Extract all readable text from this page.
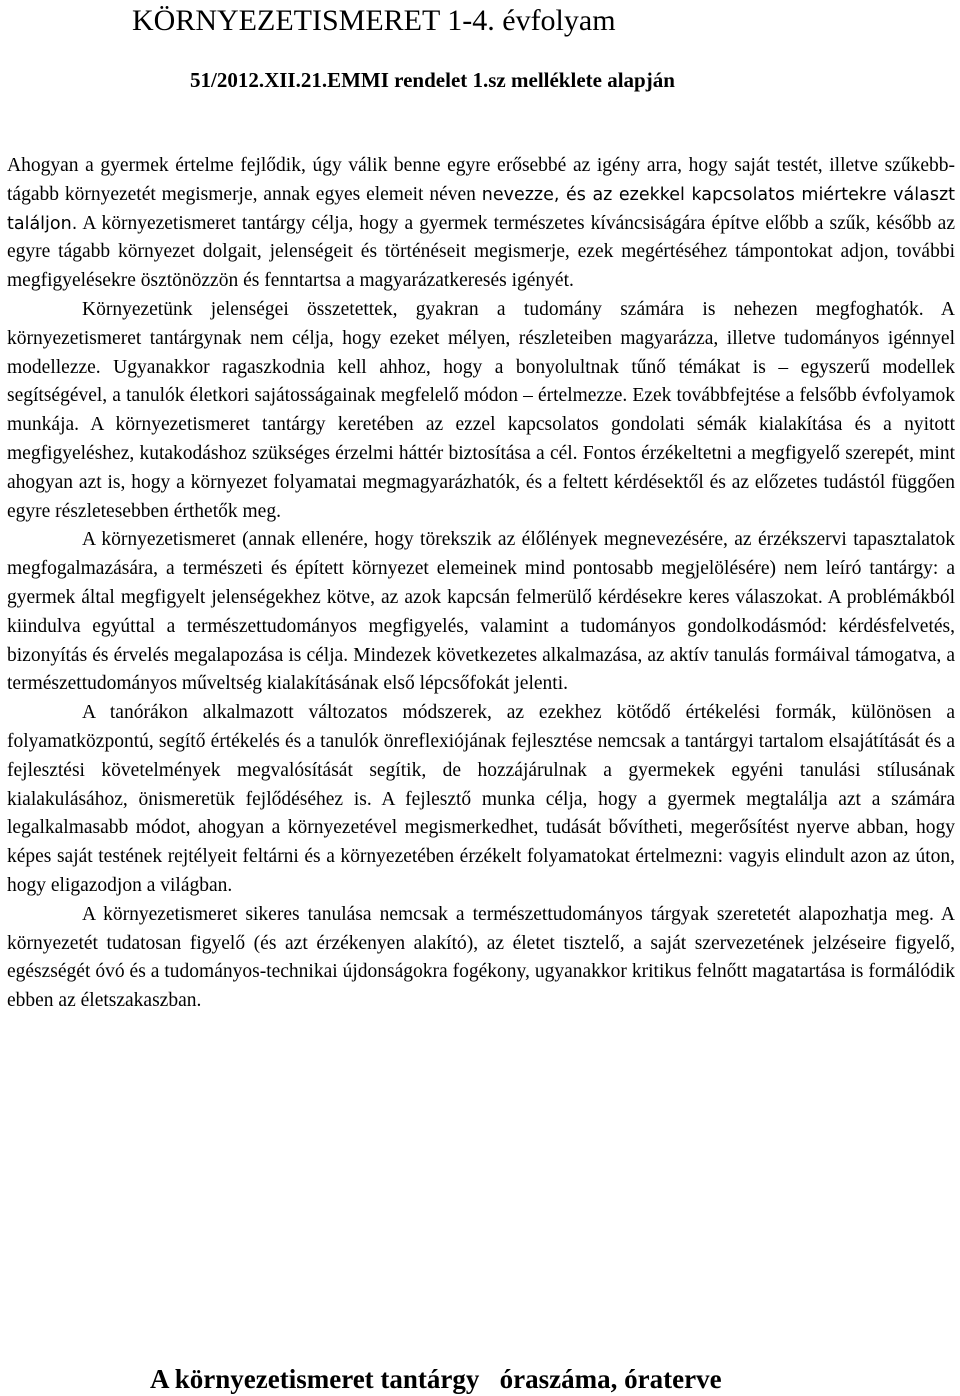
KÖRNYEZETISMERET 1-4. évfolyam
51/2012.XII.21.EMMI rendelet 1.sz melléklete alapján

Ahogyan a gyermek értelme fejlődik, úgy válik benne egyre erősebbé az igény arra, hogy saját testét, illetve szűkebb-tágabb környezetét megismerje, annak egyes elemeit néven nevezze, és az ezekkel kapcsolatos miértekre választ találjon. A környezetismeret tantárgy célja, hogy a gyermek természetes kíváncsiságára építve előbb a szűk, később az egyre tágabb környezet dolgait, jelenségeit és történéseit megismerje, ezek megértéséhez támpontokat adjon, további megfigyelésekre ösztönözzön és fenntartsa a magyarázatkeresés igényét.

Környezetünk jelenségei összetettek, gyakran a tudomány számára is nehezen megfoghatók. A környezetismeret tantárgynak nem célja, hogy ezeket mélyen, részleteiben magyarázza, illetve tudományos igénnyel modellezze. Ugyanakkor ragaszkodnia kell ahhoz, hogy a bonyolultnak tűnő témákat is – egyszerű modellek segítségével, a tanulók életkori sajátosságainak megfelelő módon – értelmezze. Ezek továbbfejtése a felsőbb évfolyamok munkája. A környezetismeret tantárgy keretében az ezzel kapcsolatos gondolati sémák kialakítása és a nyitott megfigyeléshez, kutakodáshoz szükséges érzelmi háttér biztosítása a cél. Fontos érzékeltetni a megfigyelő szerepét, mint ahogyan azt is, hogy a környezet folyamatai megmagyarázhatók, és a feltett kérdésektől és az előzetes tudástól függően egyre részletesebben érthetők meg.

A környezetismeret (annak ellenére, hogy törekszik az élőlények megnevezésére, az érzékszervi tapasztalatok megfogalmazására, a természeti és épített környezet elemeinek mind pontosabb megjelölésére) nem leíró tantárgy: a gyermek által megfigyelt jelenségekhez kötve, az azok kapcsán felmerülő kérdésekre keres válaszokat. A problémákból kiindulva egyúttal a természettudományos megfigyelés, valamint a tudományos gondolkodásmód: kérdésfelvetés, bizonyítás és érvelés megalapozása is célja. Mindezek következetes alkalmazása, az aktív tanulás formáival támogatva, a természettudományos műveltség kialakításának első lépcsőfokát jelenti.

A tanórákon alkalmazott változatos módszerek, az ezekhez kötődő értékelési formák, különösen a folyamatközpontú, segítő értékelés és a tanulók önreflexiójának fejlesztése nemcsak a tantárgyi tartalom elsajátítását és a fejlesztési követelmények megvalósítását segítik, de hozzájárulnak a gyermekek egyéni tanulási stílusának kialakulásához, önismeretük fejlődéséhez is. A fejlesztő munka célja, hogy a gyermek megtalálja azt a számára legalkalmasabb módot, ahogyan a környezetével megismerkedhet, tudását bővítheti, megerősítést nyerve abban, hogy képes saját testének rejtélyeit feltárni és a környezetében érzékelt folyamatokat értelmezni: vagyis elindult azon az úton, hogy eligazodjon a világban.

A környezetismeret sikeres tanulása nemcsak a természettudományos tárgyak szeretetét alapozhatja meg. A környezetét tudatosan figyelő (és azt érzékenyen alakító), az életet tisztelő, a saját szervezetének jelzéseire figyelő, egészségét óvó és a tudományos-technikai újdonságokra fogékony, ugyanakkor kritikus felnőtt magatartása is formálódik ebben az életszakaszban.

A környezetismeret tantárgy   óraszáma, óraterve
